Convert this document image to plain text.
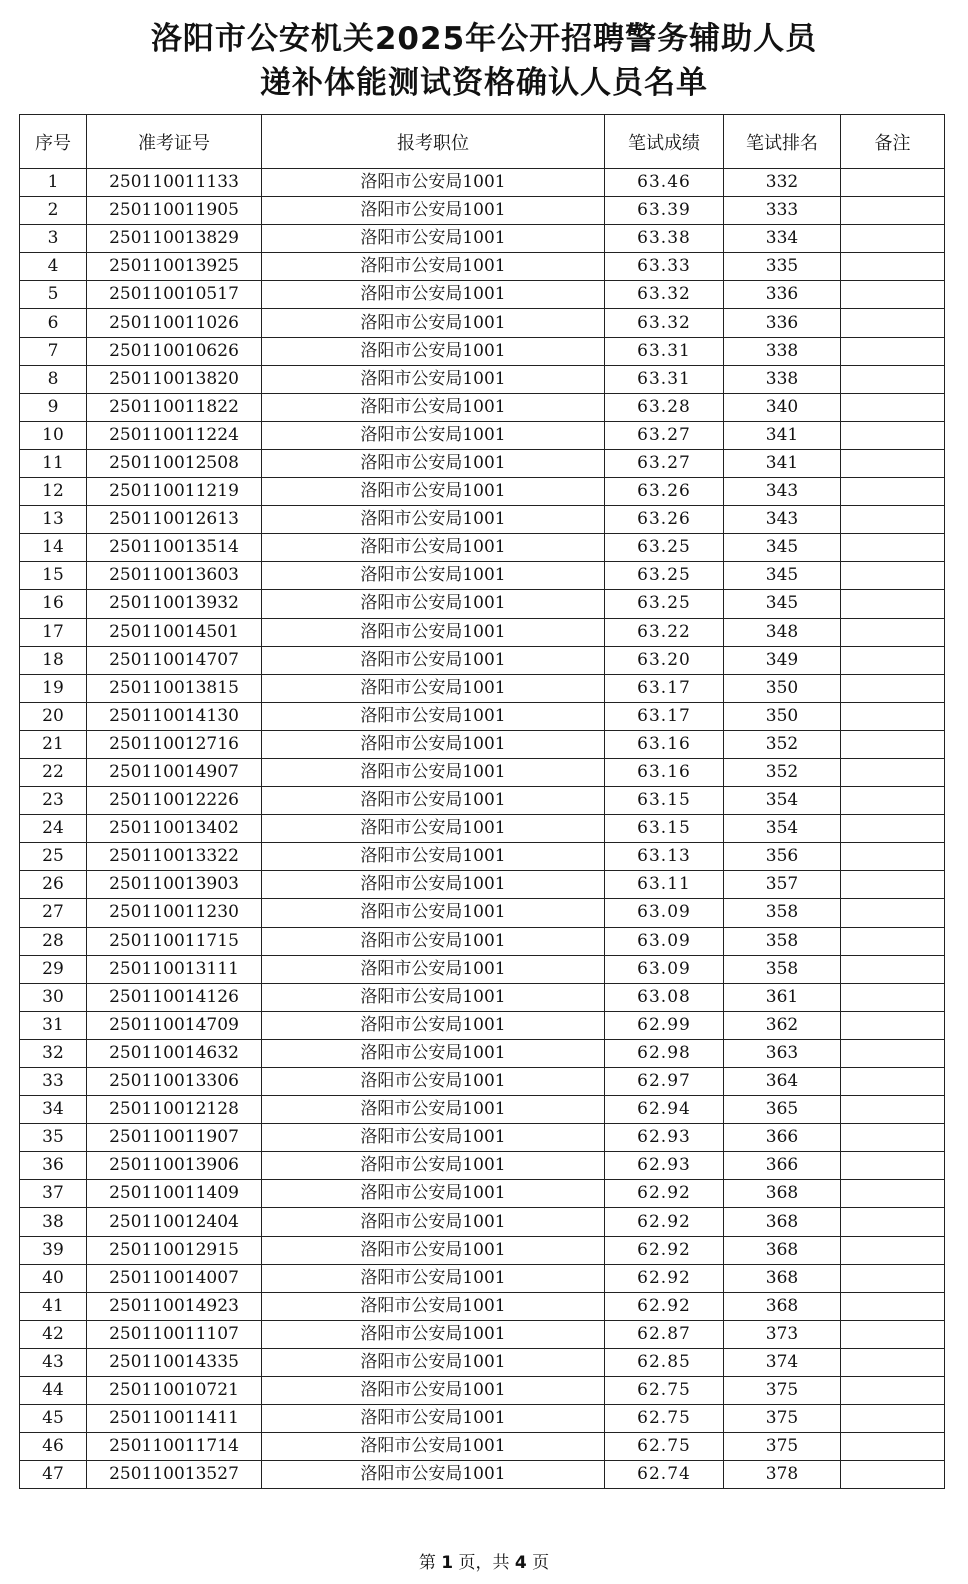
洛阳市公安机关2025年公开招聘警务辅助人员
递补体能测试资格确认人员名单
序号	准考证号	报考职位	笔试成绩	笔试排名	备注
1	250110011133	洛阳市公安局1001	63.46	332	
2	250110011905	洛阳市公安局1001	63.39	333	
3	250110013829	洛阳市公安局1001	63.38	334	
4	250110013925	洛阳市公安局1001	63.33	335	
5	250110010517	洛阳市公安局1001	63.32	336	
6	250110011026	洛阳市公安局1001	63.32	336	
7	250110010626	洛阳市公安局1001	63.31	338	
8	250110013820	洛阳市公安局1001	63.31	338	
9	250110011822	洛阳市公安局1001	63.28	340	
10	250110011224	洛阳市公安局1001	63.27	341	
11	250110012508	洛阳市公安局1001	63.27	341	
12	250110011219	洛阳市公安局1001	63.26	343	
13	250110012613	洛阳市公安局1001	63.26	343	
14	250110013514	洛阳市公安局1001	63.25	345	
15	250110013603	洛阳市公安局1001	63.25	345	
16	250110013932	洛阳市公安局1001	63.25	345	
17	250110014501	洛阳市公安局1001	63.22	348	
18	250110014707	洛阳市公安局1001	63.20	349	
19	250110013815	洛阳市公安局1001	63.17	350	
20	250110014130	洛阳市公安局1001	63.17	350	
21	250110012716	洛阳市公安局1001	63.16	352	
22	250110014907	洛阳市公安局1001	63.16	352	
23	250110012226	洛阳市公安局1001	63.15	354	
24	250110013402	洛阳市公安局1001	63.15	354	
25	250110013322	洛阳市公安局1001	63.13	356	
26	250110013903	洛阳市公安局1001	63.11	357	
27	250110011230	洛阳市公安局1001	63.09	358	
28	250110011715	洛阳市公安局1001	63.09	358	
29	250110013111	洛阳市公安局1001	63.09	358	
30	250110014126	洛阳市公安局1001	63.08	361	
31	250110014709	洛阳市公安局1001	62.99	362	
32	250110014632	洛阳市公安局1001	62.98	363	
33	250110013306	洛阳市公安局1001	62.97	364	
34	250110012128	洛阳市公安局1001	62.94	365	
35	250110011907	洛阳市公安局1001	62.93	366	
36	250110013906	洛阳市公安局1001	62.93	366	
37	250110011409	洛阳市公安局1001	62.92	368	
38	250110012404	洛阳市公安局1001	62.92	368	
39	250110012915	洛阳市公安局1001	62.92	368	
40	250110014007	洛阳市公安局1001	62.92	368	
41	250110014923	洛阳市公安局1001	62.92	368	
42	250110011107	洛阳市公安局1001	62.87	373	
43	250110014335	洛阳市公安局1001	62.85	374	
44	250110010721	洛阳市公安局1001	62.75	375	
45	250110011411	洛阳市公安局1001	62.75	375	
46	250110011714	洛阳市公安局1001	62.75	375	
47	250110013527	洛阳市公安局1001	62.74	378	
第 1 页，共 4 页
